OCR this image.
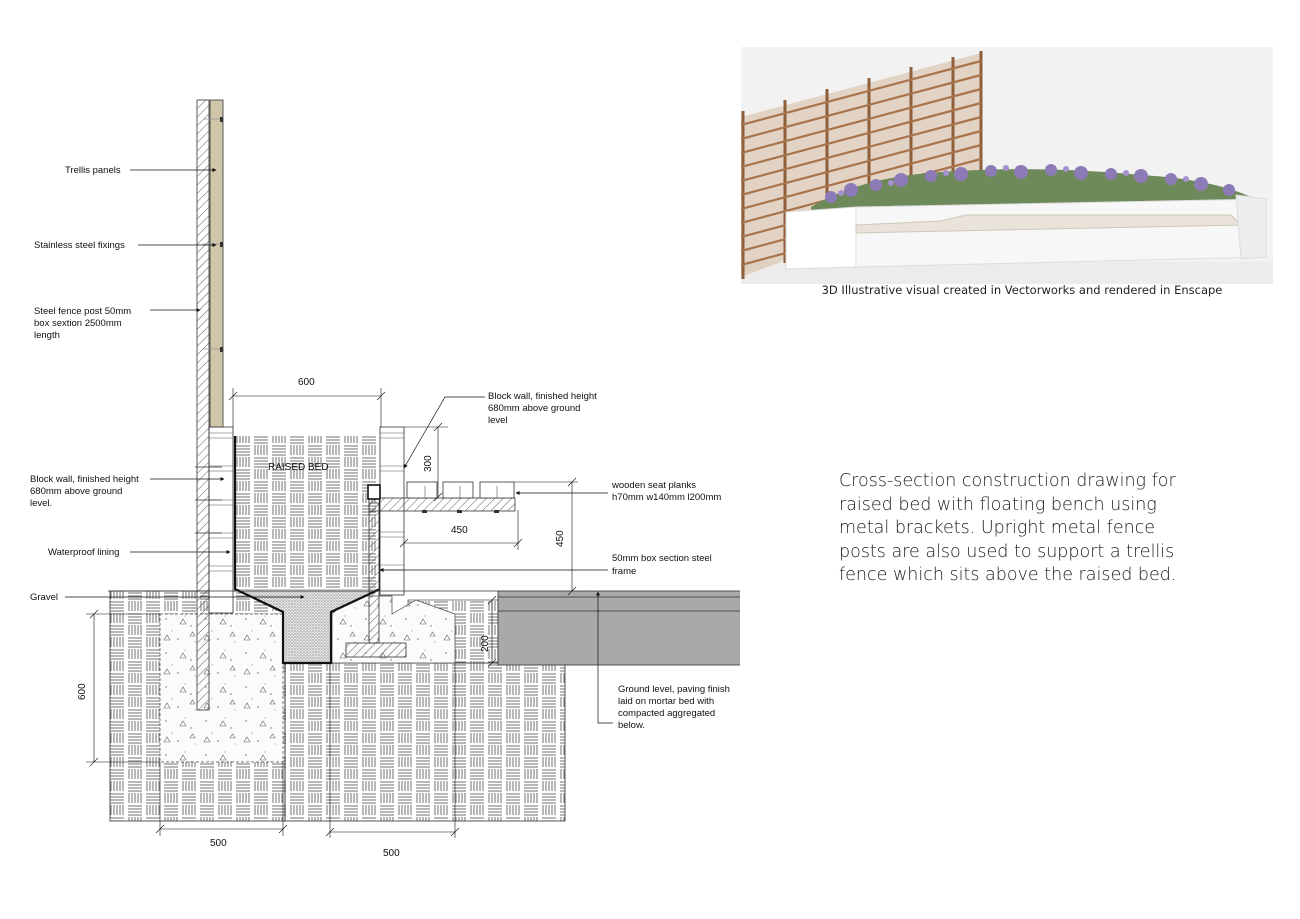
Trellis panels
Stainless steel fixings
Steel fence post 50mm
box sextion 2500mm
length
Block wall, finished height
680mm above ground
level.
Waterproof lining
Gravel
RAISED BED
Block wall, finished height
680mm above ground
level
wooden seat planks
h70mm w140mm l200mm
50mm box section steel
frame
Ground level, paving finish
laid on mortar bed with
compacted aggregated
below.
600
300
450	450
200
600
500
500
3D Illustrative visual created in Vectorworks and rendered in Enscape
Cross-section construction drawing for raised bed with floating bench using metal brackets. Upright metal fence posts are also used to support a trellis fence which sits above the raised bed.
